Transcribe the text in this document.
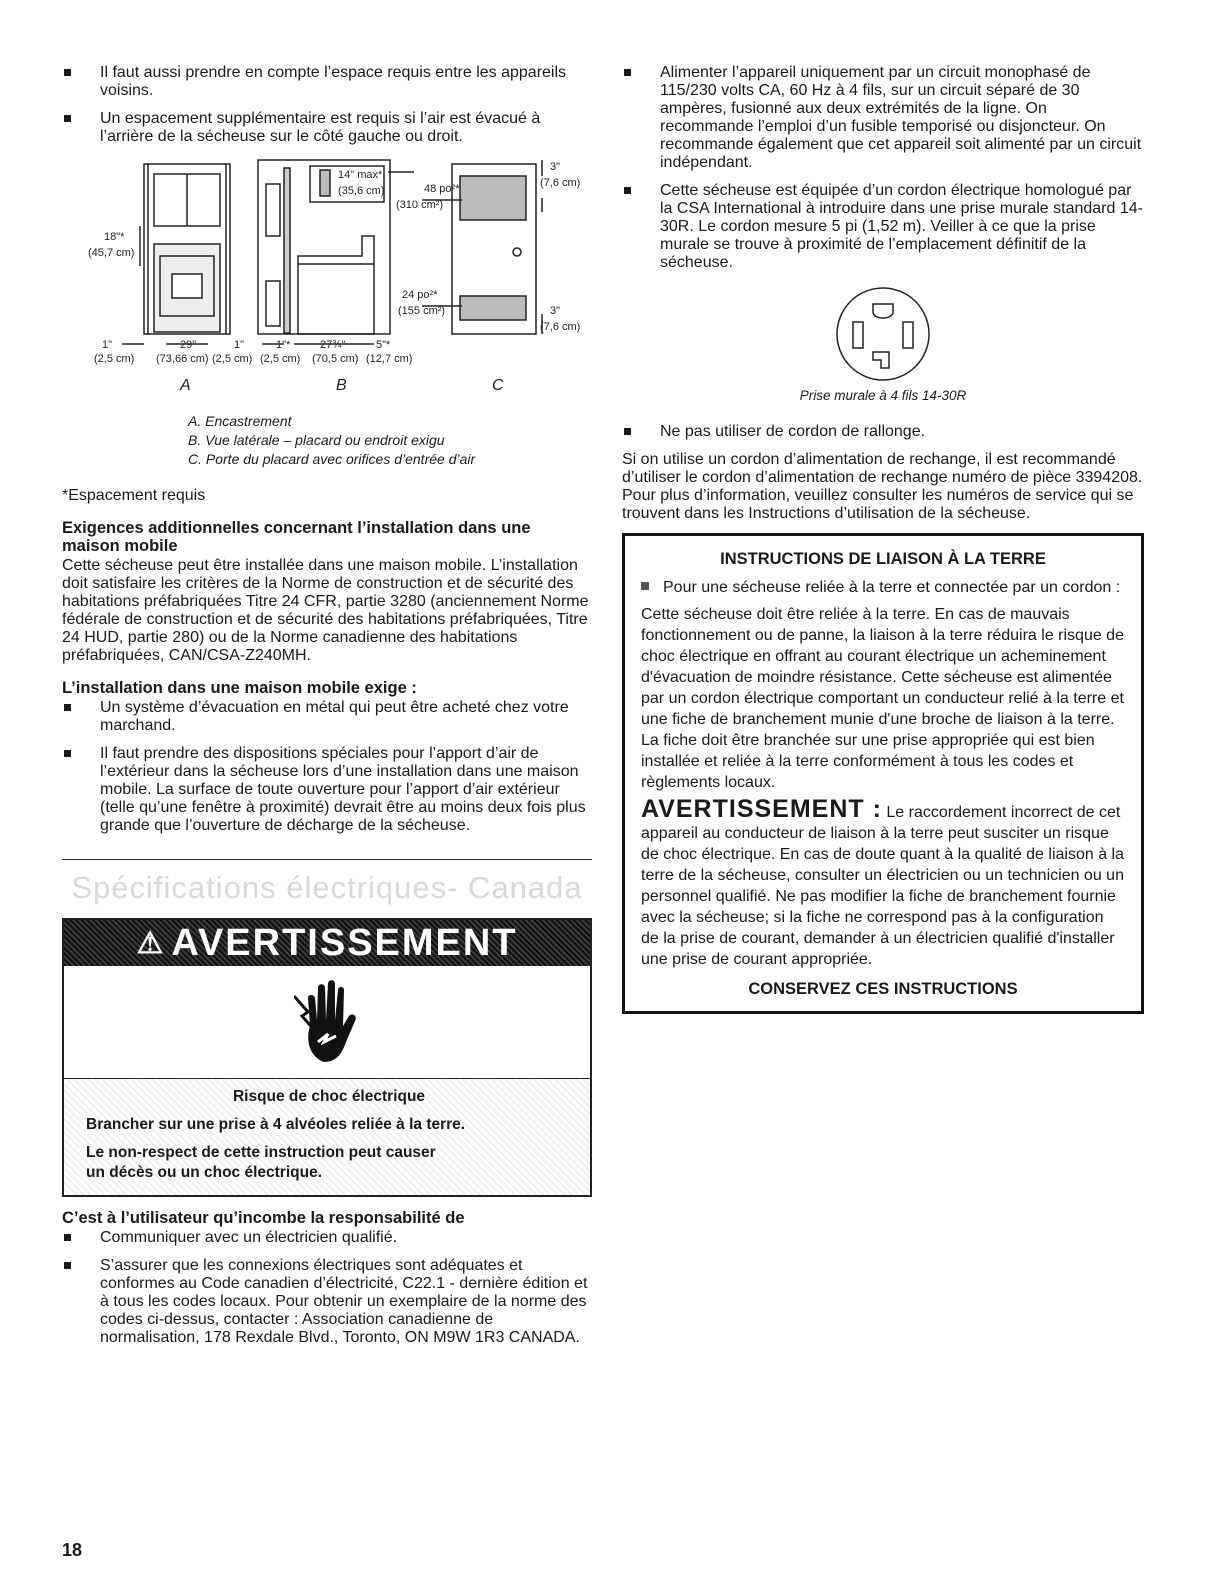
Il faut aussi prendre en compte l’espace requis entre les appareils voisins.
Un espacement supplémentaire est requis si l’air est évacué à l’arrière de la sécheuse sur le côté gauche ou droit.
18"*
(45,7 cm)
1"
(2,5 cm)
29"
(73,66 cm)
1"
(2,5 cm)
1"*
(2,5 cm)
27¾"
(70,5 cm)
5"*
(12,7 cm)
14" max*
(35,6 cm)	48 po²*
(310 cm²)
24 po²*
(155 cm²)
3"
(7,6 cm)
3"
(7,6 cm)
A	B	C
A. Encastrement
B. Vue latérale – placard ou endroit exigu
C. Porte du placard avec orifices d’entrée d’air
*Espacement requis
Exigences additionnelles concernant l’installation dans une maison mobile

Cette sécheuse peut être installée dans une maison mobile. L’installation doit satisfaire les critères de la Norme de construction et de sécurité des habitations préfabriquées Titre 24 CFR, partie 3280 (anciennement Norme fédérale de construction et de sécurité des habitations préfabriquées, Titre 24 HUD, partie 280) ou de la Norme canadienne des habitations préfabriquées, CAN/CSA-Z240MH.

L’installation dans une maison mobile exige :
Un système d’évacuation en métal qui peut être acheté chez votre marchand.
Il faut prendre des dispositions spéciales pour l’apport d’air de l’extérieur dans la sécheuse lors d’une installation dans une maison mobile. La surface de toute ouverture pour l’apport d’air extérieur (telle qu’une fenêtre à proximité) devrait être au moins deux fois plus grande que l’ouverture de décharge de la sécheuse.
Spécifications électriques- Canada
⚠ AVERTISSEMENT
Risque de choc électrique
Brancher sur une prise à 4 alvéoles reliée à la terre.
Le non-respect de cette instruction peut causer
un décès ou un choc électrique.
C’est à l’utilisateur qu’incombe la responsabilité de
Communiquer avec un électricien qualifié.
S’assurer que les connexions électriques sont adéquates et conformes au Code canadien d’électricité, C22.1 - dernière édition et à tous les codes locaux. Pour obtenir un exemplaire de la norme des codes ci-dessus, contacter : Association canadienne de normalisation, 178 Rexdale Blvd., Toronto, ON M9W 1R3 CANADA.
Alimenter l’appareil uniquement par un circuit monophasé de 115/230 volts CA, 60 Hz à 4 fils, sur un circuit séparé de 30 ampères, fusionné aux deux extrémités de la ligne. On recommande l’emploi d’un fusible temporisé ou disjoncteur. On recommande également que cet appareil soit alimenté par un circuit indépendant.
Cette sécheuse est équipée d’un cordon électrique homologué par la CSA International à introduire dans une prise murale standard 14-30R. Le cordon mesure 5 pi (1,52 m). Veiller à ce que la prise murale se trouve à proximité de l’emplacement définitif de la sécheuse.
Prise murale à 4 fils 14-30R
Ne pas utiliser de cordon de rallonge.

Si on utilise un cordon d’alimentation de rechange, il est recommandé d’utiliser le cordon d’alimentation de rechange numéro de pièce 3394208. Pour plus d’information, veuillez consulter les numéros de service qui se trouvent dans les Instructions d’utilisation de la sécheuse.

INSTRUCTIONS DE LIAISON À LA TERRE
Pour une sécheuse reliée à la terre et connectée par un cordon :

Cette sécheuse doit être reliée à la terre. En cas de mauvais fonctionnement ou de panne, la liaison à la terre réduira le risque de choc électrique en offrant au courant électrique un acheminement d'évacuation de moindre résistance. Cette sécheuse est alimentée par un cordon électrique comportant un conducteur relié à la terre et une fiche de branchement munie d'une broche de liaison à la terre. La fiche doit être branchée sur une prise appropriée qui est bien installée et reliée à la terre conformément à tous les codes et règlements locaux.

AVERTISSEMENT : Le raccordement incorrect de cet appareil au conducteur de liaison à la terre peut susciter un risque de choc électrique. En cas de doute quant à la qualité de liaison à la terre de la sécheuse, consulter un électricien ou un technicien ou un personnel qualifié. Ne pas modifier la fiche de branchement fournie avec la sécheuse; si la fiche ne correspond pas à la configuration de la prise de courant, demander à un électricien qualifié d'installer une prise de courant appropriée.

CONSERVEZ CES INSTRUCTIONS
18
